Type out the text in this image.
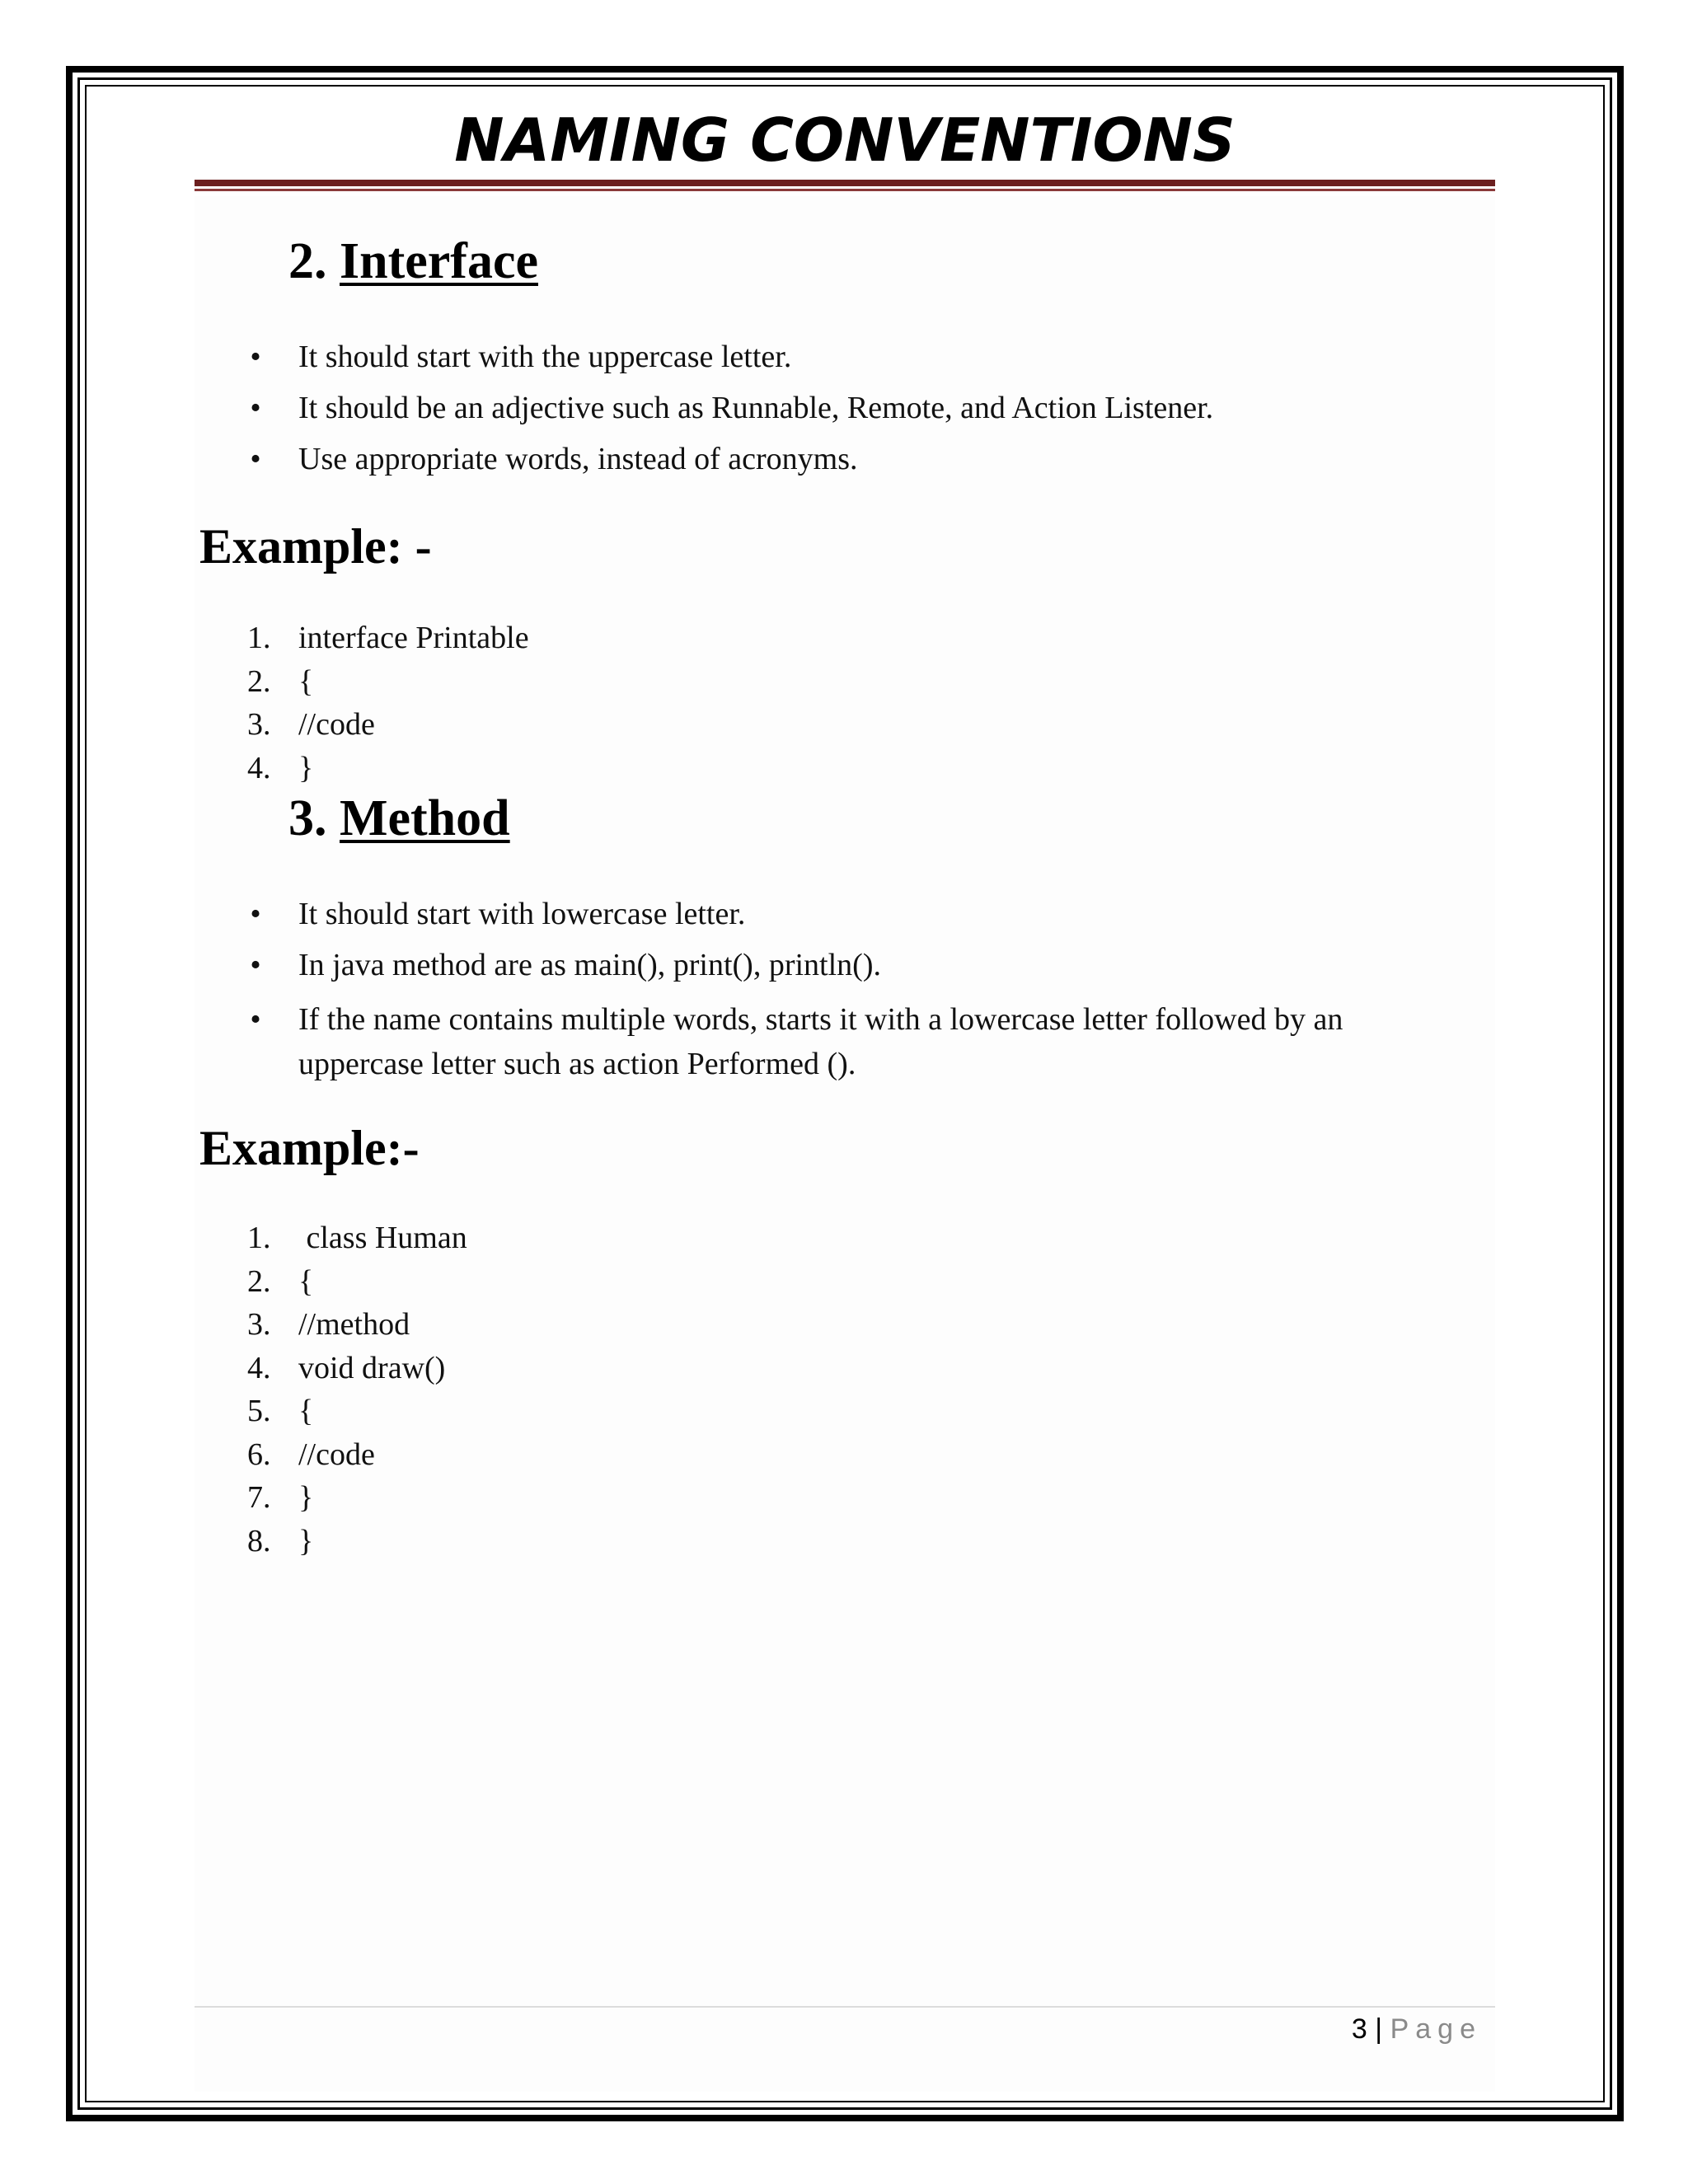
NAMING CONVENTIONS
2. Interface
• It should start with the uppercase letter.
• It should be an adjective such as Runnable, Remote, and Action Listener.
• Use appropriate words, instead of acronyms.
Example: -
1. interface Printable
2. {
3. //code
4. }
3. Method
• It should start with lowercase letter.
• In java method are as main(), print(), println().
• If the name contains multiple words, starts it with a lowercase letter followed by an uppercase letter such as action Performed ().
Example:-
1. class Human
2. {
3. //method
4. void draw()
5. {
6. //code
7. }
8. }
3 | Page
